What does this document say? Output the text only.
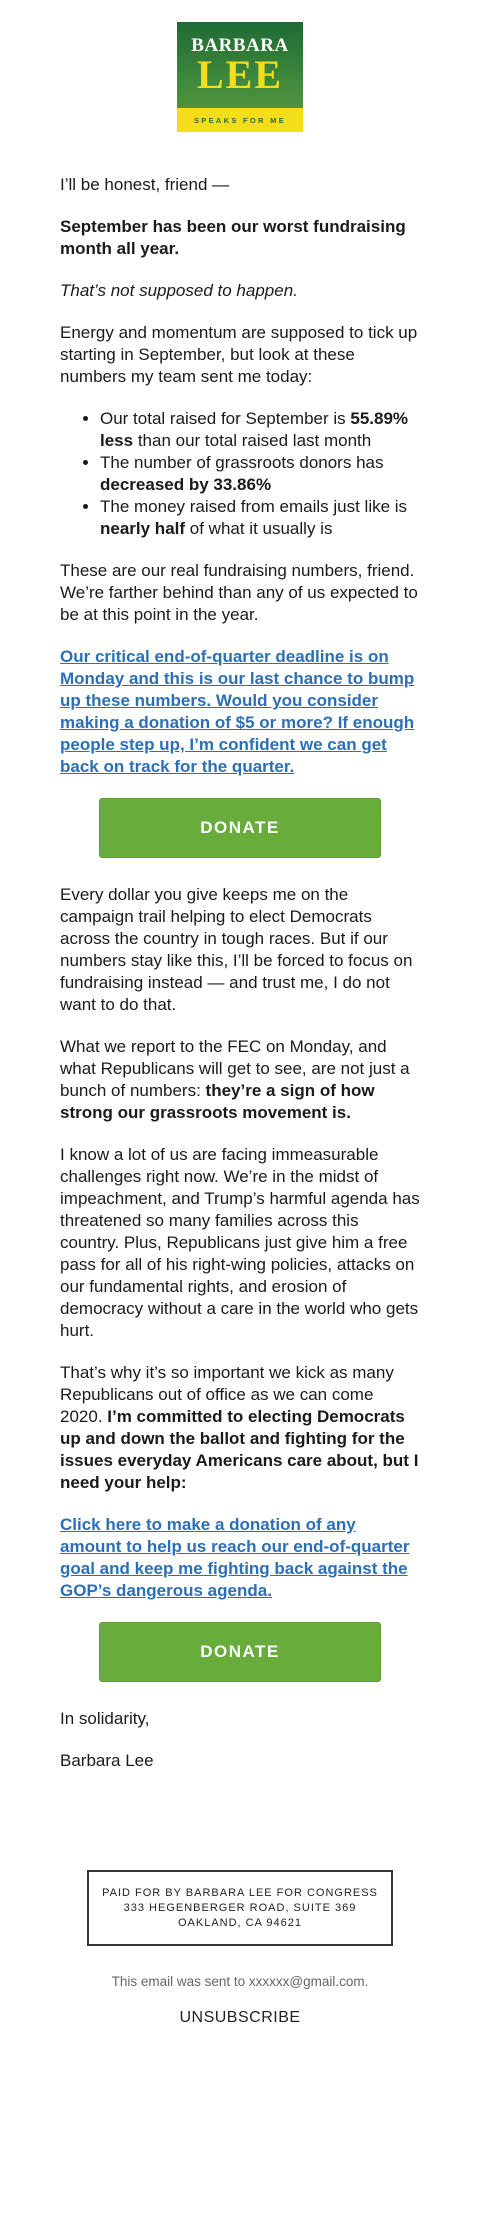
BARBARA
LEE
SPEAKS FOR ME

I’ll be honest, friend —

September has been our worst fundraising month all year.

That’s not supposed to happen.

Energy and momentum are supposed to tick up starting in September, but look at these numbers my team sent me today:

• Our total raised for September is 55.89% less than our total raised last month
• The number of grassroots donors has decreased by 33.86%
• The money raised from emails just like is nearly half of what it usually is

These are our real fundraising numbers, friend. We’re farther behind than any of us expected to be at this point in the year.

Our critical end-of-quarter deadline is on Monday and this is our last chance to bump up these numbers. Would you consider making a donation of $5 or more? If enough people step up, I’m confident we can get back on track for the quarter.

DONATE

Every dollar you give keeps me on the campaign trail helping to elect Democrats across the country in tough races. But if our numbers stay like this, I’ll be forced to focus on fundraising instead — and trust me, I do not want to do that.

What we report to the FEC on Monday, and what Republicans will get to see, are not just a bunch of numbers: they’re a sign of how strong our grassroots movement is.

I know a lot of us are facing immeasurable challenges right now. We’re in the midst of impeachment, and Trump’s harmful agenda has threatened so many families across this country. Plus, Republicans just give him a free pass for all of his right-wing policies, attacks on our fundamental rights, and erosion of democracy without a care in the world who gets hurt.

That’s why it’s so important we kick as many Republicans out of office as we can come 2020. I’m committed to electing Democrats up and down the ballot and fighting for the issues everyday Americans care about, but I need your help:

Click here to make a donation of any amount to help us reach our end-of-quarter goal and keep me fighting back against the GOP’s dangerous agenda.

DONATE

In solidarity,

Barbara Lee

PAID FOR BY BARBARA LEE FOR CONGRESS
333 HEGENBERGER ROAD, SUITE 369
OAKLAND, CA 94621
This email was sent to xxxxxx@gmail.com.
UNSUBSCRIBE
